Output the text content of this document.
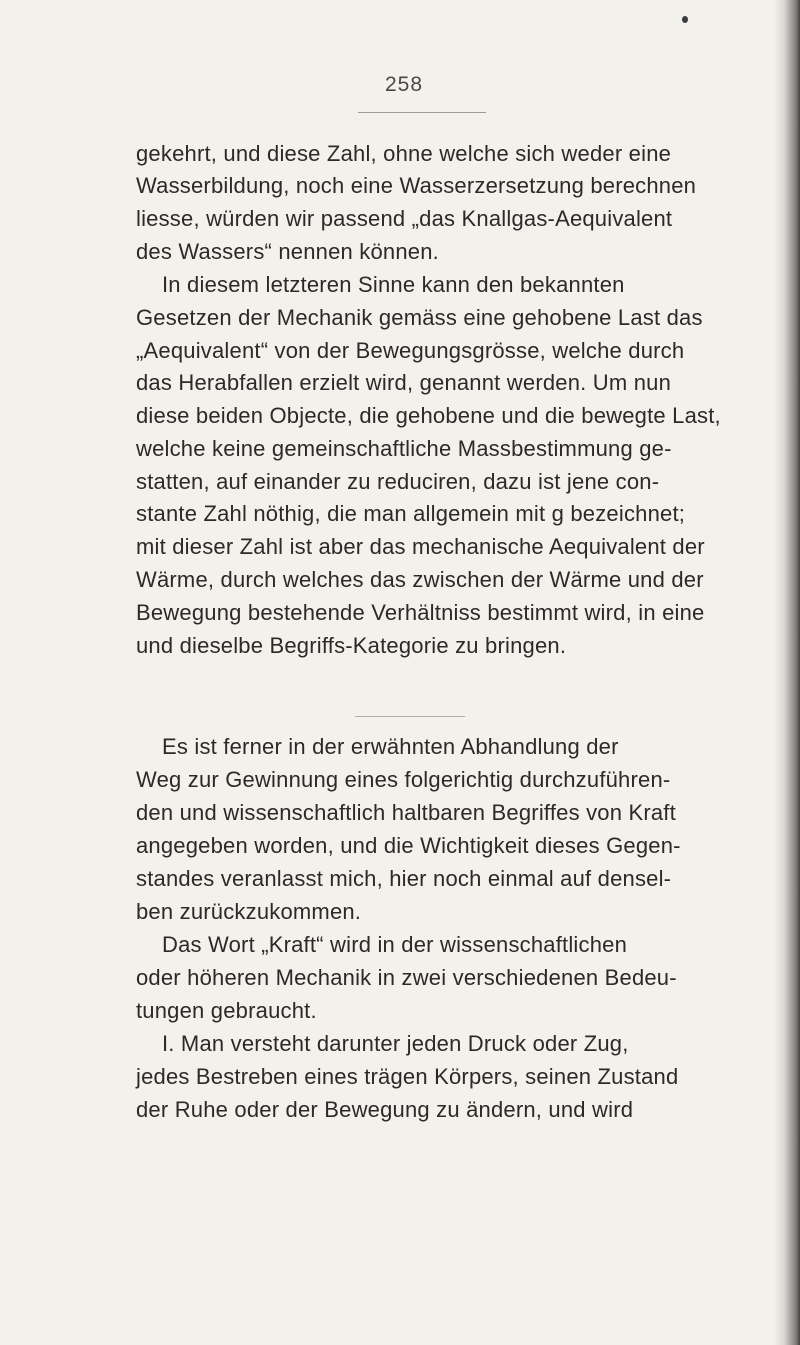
258
gekehrt, und diese Zahl, ohne welche sich weder eine
Wasserbildung, noch eine Wasserzersetzung berechnen
liesse, würden wir passend „das Knallgas-Aequivalent
des Wassers“ nennen können.
In diesem letzteren Sinne kann den bekannten
Gesetzen der Mechanik gemäss eine gehobene Last das
„Aequivalent“ von der Bewegungsgrösse, welche durch
das Herabfallen erzielt wird, genannt werden. Um nun
diese beiden Objecte, die gehobene und die bewegte Last,
welche keine gemeinschaftliche Massbestimmung ge-
statten, auf einander zu reduciren, dazu ist jene con-
stante Zahl nöthig, die man allgemein mit g bezeichnet;
mit dieser Zahl ist aber das mechanische Aequivalent der
Wärme, durch welches das zwischen der Wärme und der
Bewegung bestehende Verhältniss bestimmt wird, in eine
und dieselbe Begriffs-Kategorie zu bringen.
Es ist ferner in der erwähnten Abhandlung der
Weg zur Gewinnung eines folgerichtig durchzuführen-
den und wissenschaftlich haltbaren Begriffes von Kraft
angegeben worden, und die Wichtigkeit dieses Gegen-
standes veranlasst mich, hier noch einmal auf densel-
ben zurückzukommen.
Das Wort „Kraft“ wird in der wissenschaftlichen
oder höheren Mechanik in zwei verschiedenen Bedeu-
tungen gebraucht.
I. Man versteht darunter jeden Druck oder Zug,
jedes Bestreben eines trägen Körpers, seinen Zustand
der Ruhe oder der Bewegung zu ändern, und wird
